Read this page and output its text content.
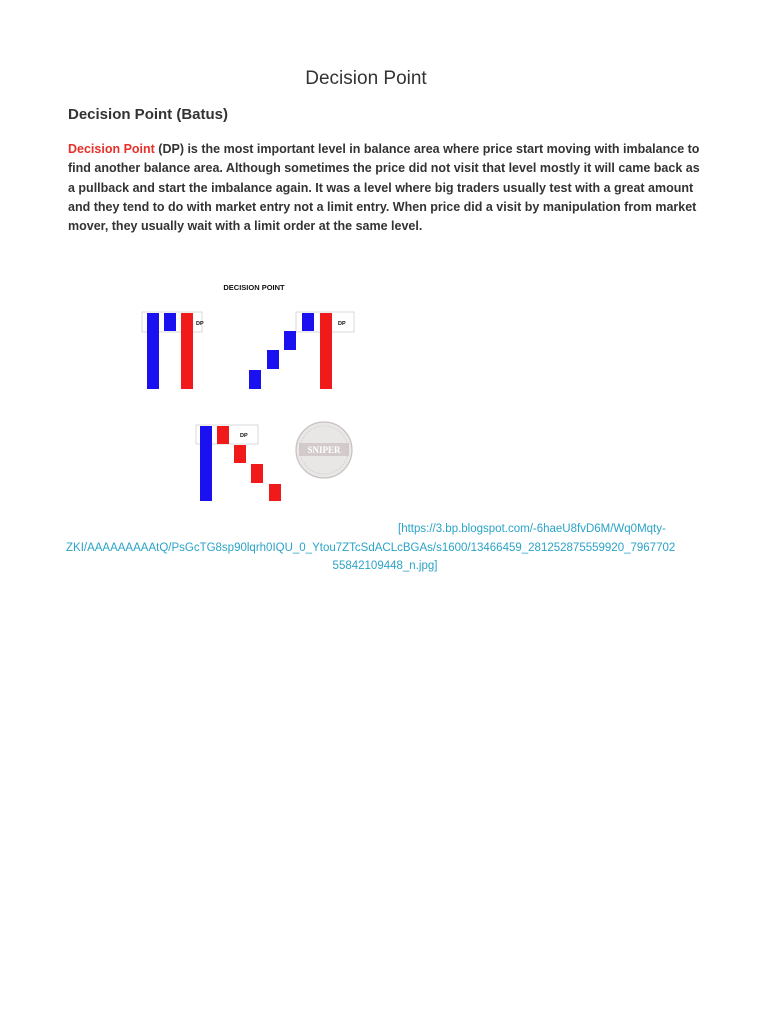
Decision Point
Decision Point (Batus)
Decision Point (DP) is the most important level in balance area where price start moving with imbalance to find another balance area. Although sometimes the price did not visit that level mostly it will came back as a pullback and start the imbalance again. It was a level where big traders usually test with a great amount and they tend to do with market entry not a limit entry. When price did a visit by manipulation from market mover, they usually wait with a limit order at the same level.
DECISION POINT
DP	DP
DP
SNIPER
[https://3.bp.blogspot.com/-6haeU8fvD6M/Wq0Mqty-
ZKI/AAAAAAAAAtQ/PsGcTG8sp90lqrh0IQU_0_Ytou7ZTcSdACLcBGAs/s1600/13466459_281252875559920_7967702
55842109448_n.jpg]
